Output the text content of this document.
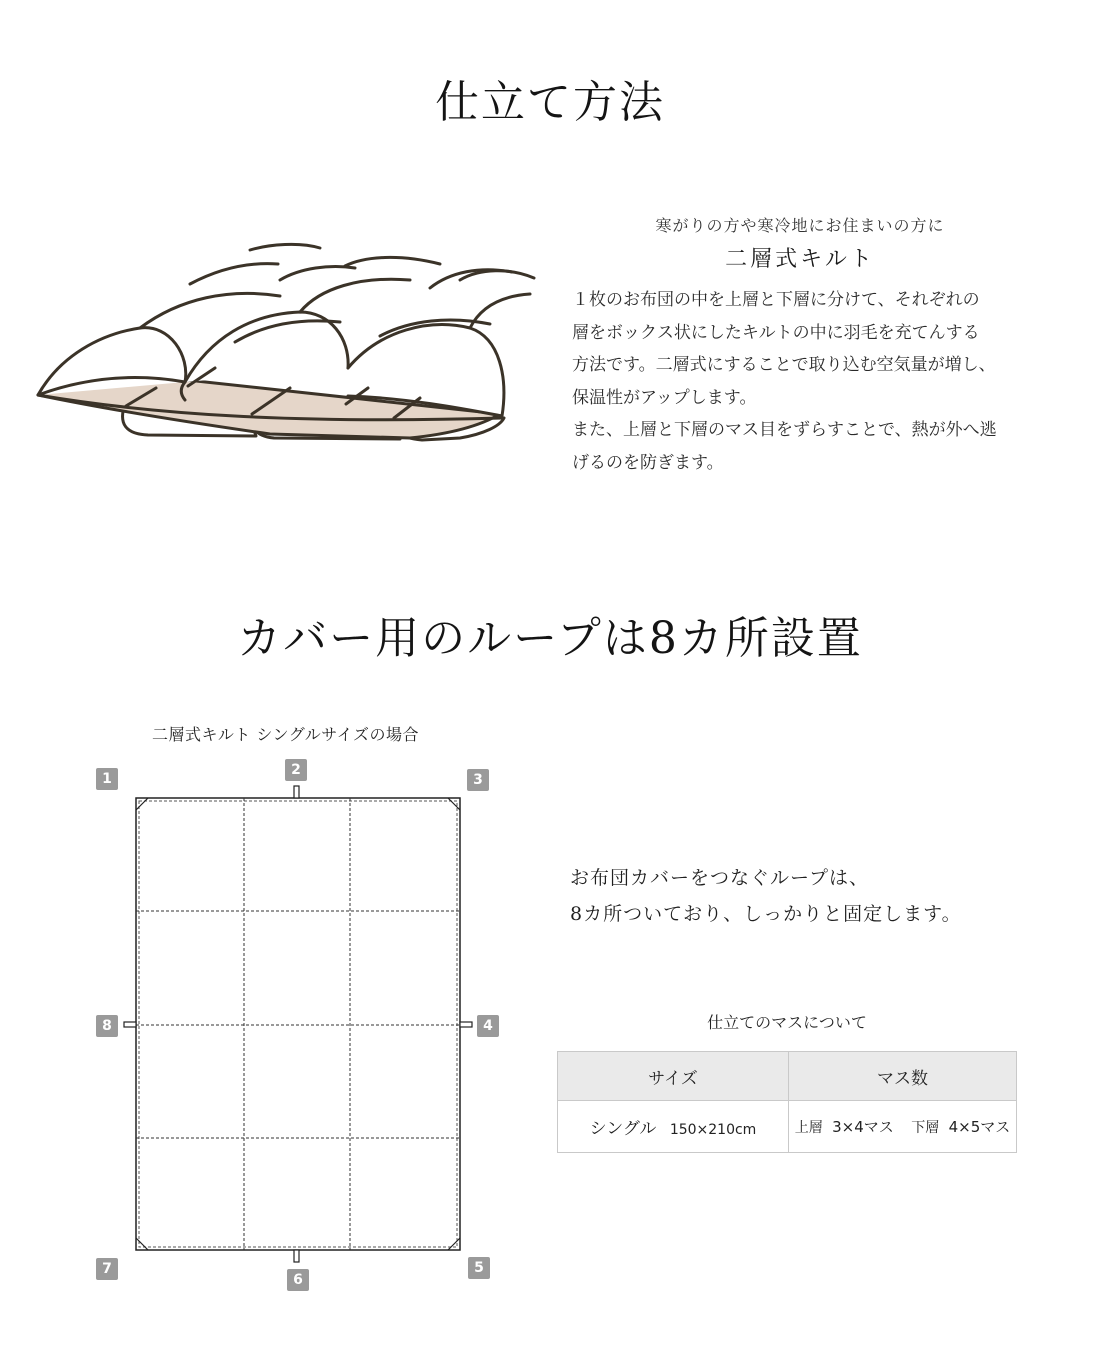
仕立て方法
寒がりの方や寒冷地にお住まいの方に
二層式キルト

１枚のお布団の中を上層と下層に分けて、それぞれの

層をボックス状にしたキルトの中に羽毛を充てんする

方法です。二層式にすることで取り込む空気量が増し、

保温性がアップします。

また、上層と下層のマス目をずらすことで、熱が外へ逃

げるのを防ぎます。

カバー用のループは8カ所設置
二層式キルト シングルサイズの場合
1
2
3
4
5
6
7
8

お布団カバーをつなぐループは、

8カ所ついており、しっかりと固定します。

仕立てのマスについて
サイズ	マス数
シングル 150×210cm	上層 3×4マス 下層 4×5マス
